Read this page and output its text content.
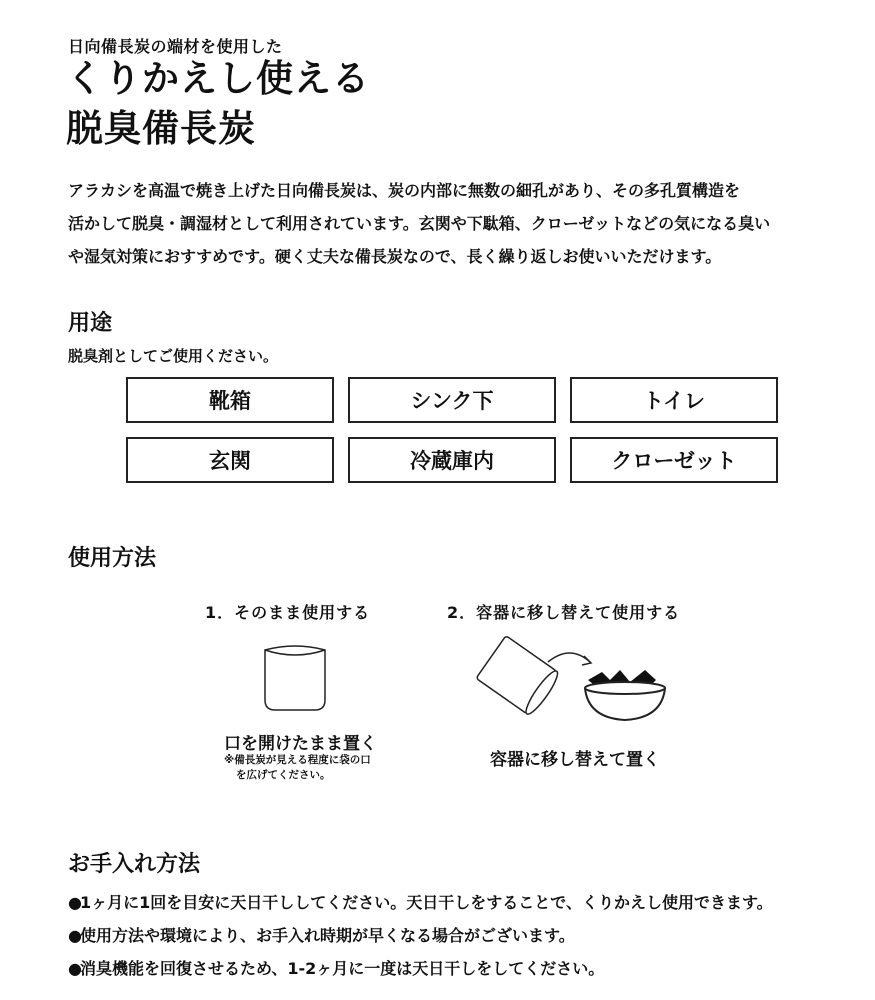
日向備長炭の端材を使用した
くりかえし使える
脱臭備長炭
アラカシを高温で焼き上げた日向備長炭は、炭の内部に無数の細孔があり、その多孔質構造を
活かして脱臭・調湿材として利用されています。玄関や下駄箱、クローゼットなどの気になる臭い
や湿気対策におすすめです。硬く丈夫な備長炭なので、長く繰り返しお使いいただけます。
用途
脱臭剤としてご使用ください。
靴箱	シンク下	トイレ
玄関	冷蔵庫内	クローゼット
使用方法
1．そのまま使用する	2．容器に移し替えて使用する
口を開けたまま置く
※備長炭が見える程度に袋の口
を広げてください。
容器に移し替えて置く
お手入れ方法
●1ヶ月に1回を目安に天日干ししてください。天日干しをすることで、くりかえし使用できます。
●使用方法や環境により、お手入れ時期が早くなる場合がございます。
●消臭機能を回復させるため、1-2ヶ月に一度は天日干しをしてください。
